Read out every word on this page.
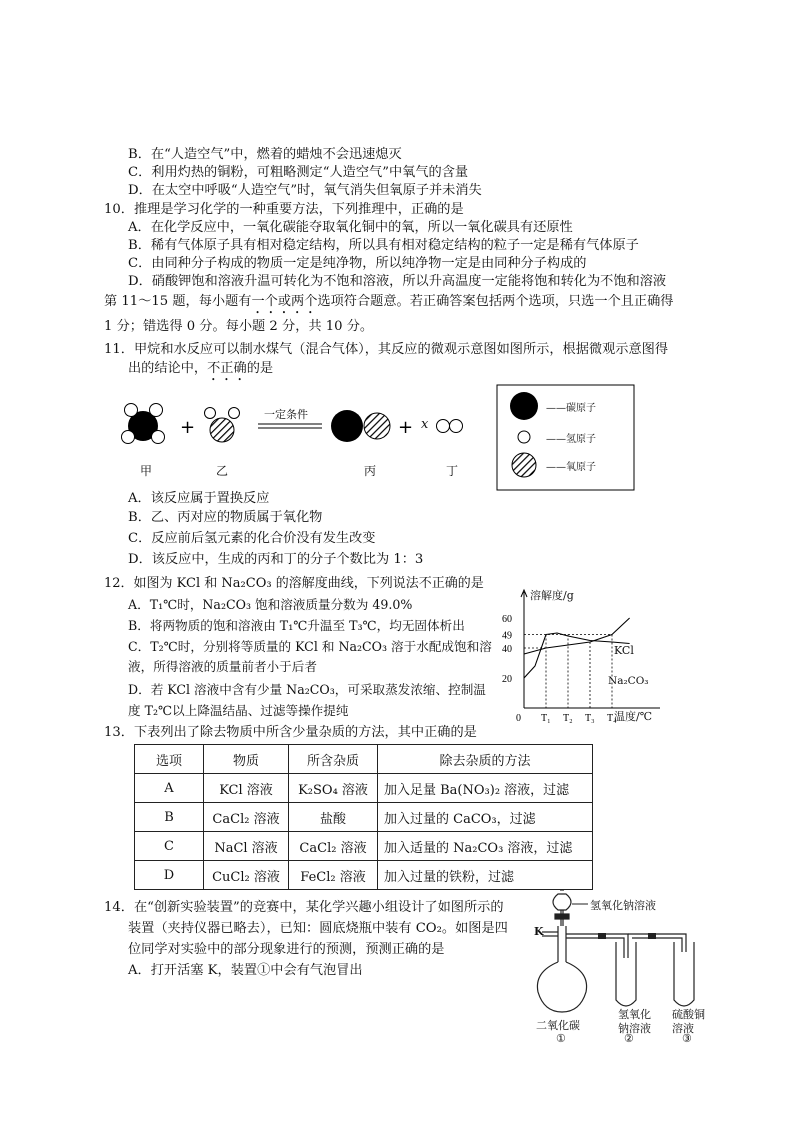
B．在“人造空气”中，燃着的蜡烛不会迅速熄灭
C．利用灼热的铜粉，可粗略测定“人造空气”中氧气的含量
D．在太空中呼吸“人造空气”时，氧气消失但氧原子并未消失
10．推理是学习化学的一种重要方法，下列推理中，正确的是
A．在化学反应中，一氧化碳能夺取氧化铜中的氧，所以一氧化碳具有还原性
B．稀有气体原子具有相对稳定结构，所以具有相对稳定结构的粒子一定是稀有气体原子
C．由同种分子构成的物质一定是纯净物，所以纯净物一定是由同种分子构成的
D．硝酸钾饱和溶液升温可转化为不饱和溶液，所以升高温度一定能将饱和转化为不饱和溶液
第 11～15 题，每小题有一个或两个选项符合题意。若正确答案包括两个选项，只选一个且正确得
1 分；错选得 0 分。每小题 2 分，共 10 分。
11．甲烷和水反应可以制水煤气（混合气体），其反应的微观示意图如图所示，根据微观示意图得
出的结论中，不正确的是
+	+
一定条件
x
甲	乙	丙	丁
——碳原子
——氢原子
——氧原子
A．该反应属于置换反应
B．乙、丙对应的物质属于氧化物
C．反应前后氢元素的化合价没有发生改变
D．该反应中，生成的丙和丁的分子个数比为 1：3
12．如图为 KCl 和 Na₂CO₃ 的溶解度曲线，下列说法不正确的是
A．T₁℃时，Na₂CO₃ 饱和溶液质量分数为 49.0%
B．将两物质的饱和溶液由 T₁℃升温至 T₃℃，均无固体析出
C．T₂℃时，分别将等质量的 KCl 和 Na₂CO₃ 溶于水配成饱和溶
液，所得溶液的质量前者小于后者
D．若 KCl 溶液中含有少量 Na₂CO₃，可采取蒸发浓缩、控制温
度 T₂℃以上降温结晶、过滤等操作提纯
0
20
40
49
60
T₁ T₂ T₃ T₄
溶解度/g
温度/℃
KCl
Na₂CO₃
13．下表列出了除去物质中所含少量杂质的方法，其中正确的是
选项	物质	所含杂质	除去杂质的方法
A	KCl 溶液	K₂SO₄ 溶液	加入足量 Ba(NO₃)₂ 溶液，过滤
B	CaCl₂ 溶液	盐酸	加入过量的 CaCO₃，过滤
C	NaCl 溶液	CaCl₂ 溶液	加入适量的 Na₂CO₃ 溶液，过滤
D	CuCl₂ 溶液	FeCl₂ 溶液	加入过量的铁粉，过滤
14．在“创新实验装置”的竞赛中，某化学兴趣小组设计了如图所示的
装置（夹持仪器已略去），已知：圆底烧瓶中装有 CO₂。如图是四
位同学对实验中的部分现象进行的预测，预测正确的是
A．打开活塞 K，装置①中会有气泡冒出
氢氧化钠溶液
K
二氧化碳
氢氧化
钠溶液
硫酸铜
溶液
①	②	③
